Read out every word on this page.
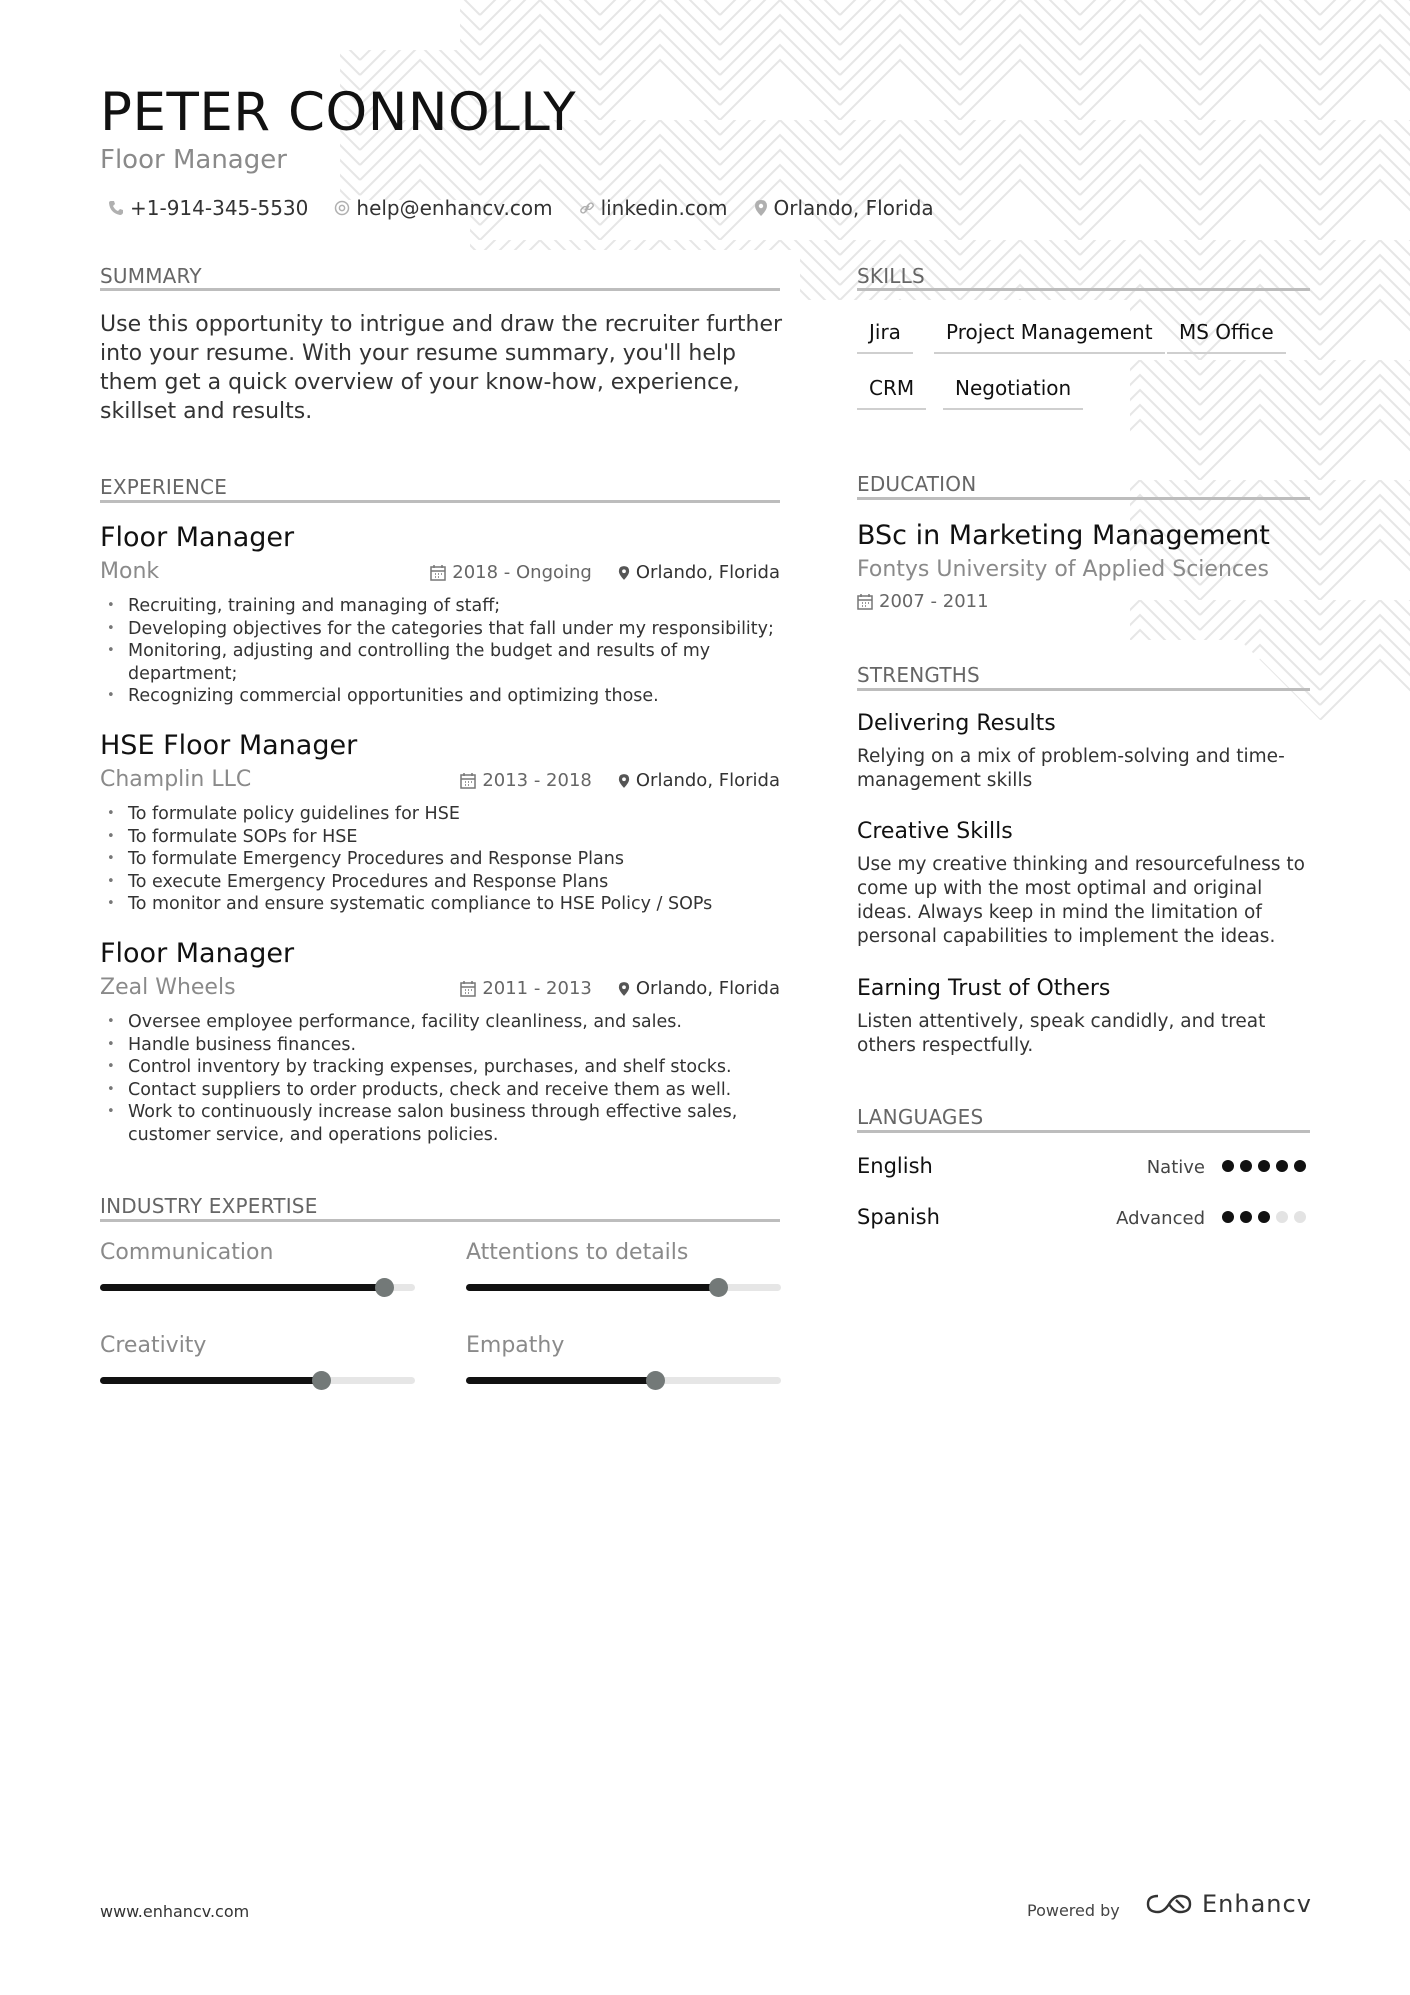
PETER CONNOLLY
Floor Manager
+1-914-345-5530 help@enhancv.com linkedin.com Orlando, Florida
SUMMARY
Use this opportunity to intrigue and draw the recruiter further into your resume. With your resume summary, you'll help them get a quick overview of your know-how, experience, skillset and results.
EXPERIENCE
Floor Manager
Monk	2018 - Ongoing Orlando, Florida
• Recruiting, training and managing of staff;
• Developing objectives for the categories that fall under my responsibility;
• Monitoring, adjusting and controlling the budget and results of my department;
• Recognizing commercial opportunities and optimizing those.
HSE Floor Manager
Champlin LLC	2013 - 2018 Orlando, Florida
• To formulate policy guidelines for HSE
• To formulate SOPs for HSE
• To formulate Emergency Procedures and Response Plans
• To execute Emergency Procedures and Response Plans
• To monitor and ensure systematic compliance to HSE Policy / SOPs
Floor Manager
Zeal Wheels	2011 - 2013 Orlando, Florida
• Oversee employee performance, facility cleanliness, and sales.
• Handle business finances.
• Control inventory by tracking expenses, purchases, and shelf stocks.
• Contact suppliers to order products, check and receive them as well.
• Work to continuously increase salon business through effective sales, customer service, and operations policies.
INDUSTRY EXPERTISE
Communication	Attentions to details
Creativity	Empathy
SKILLS
Jira	Project Management	MS Office
CRM	Negotiation
EDUCATION
BSc in Marketing Management
Fontys University of Applied Sciences
2007 - 2011
STRENGTHS
Delivering Results
Relying on a mix of problem-solving and time-management skills
Creative Skills
Use my creative thinking and resourcefulness to come up with the most optimal and original ideas. Always keep in mind the limitation of personal capabilities to implement the ideas.
Earning Trust of Others
Listen attentively, speak candidly, and treat others respectfully.
LANGUAGES
English	Native
Spanish	Advanced
www.enhancv.com	Powered by	Enhancv
